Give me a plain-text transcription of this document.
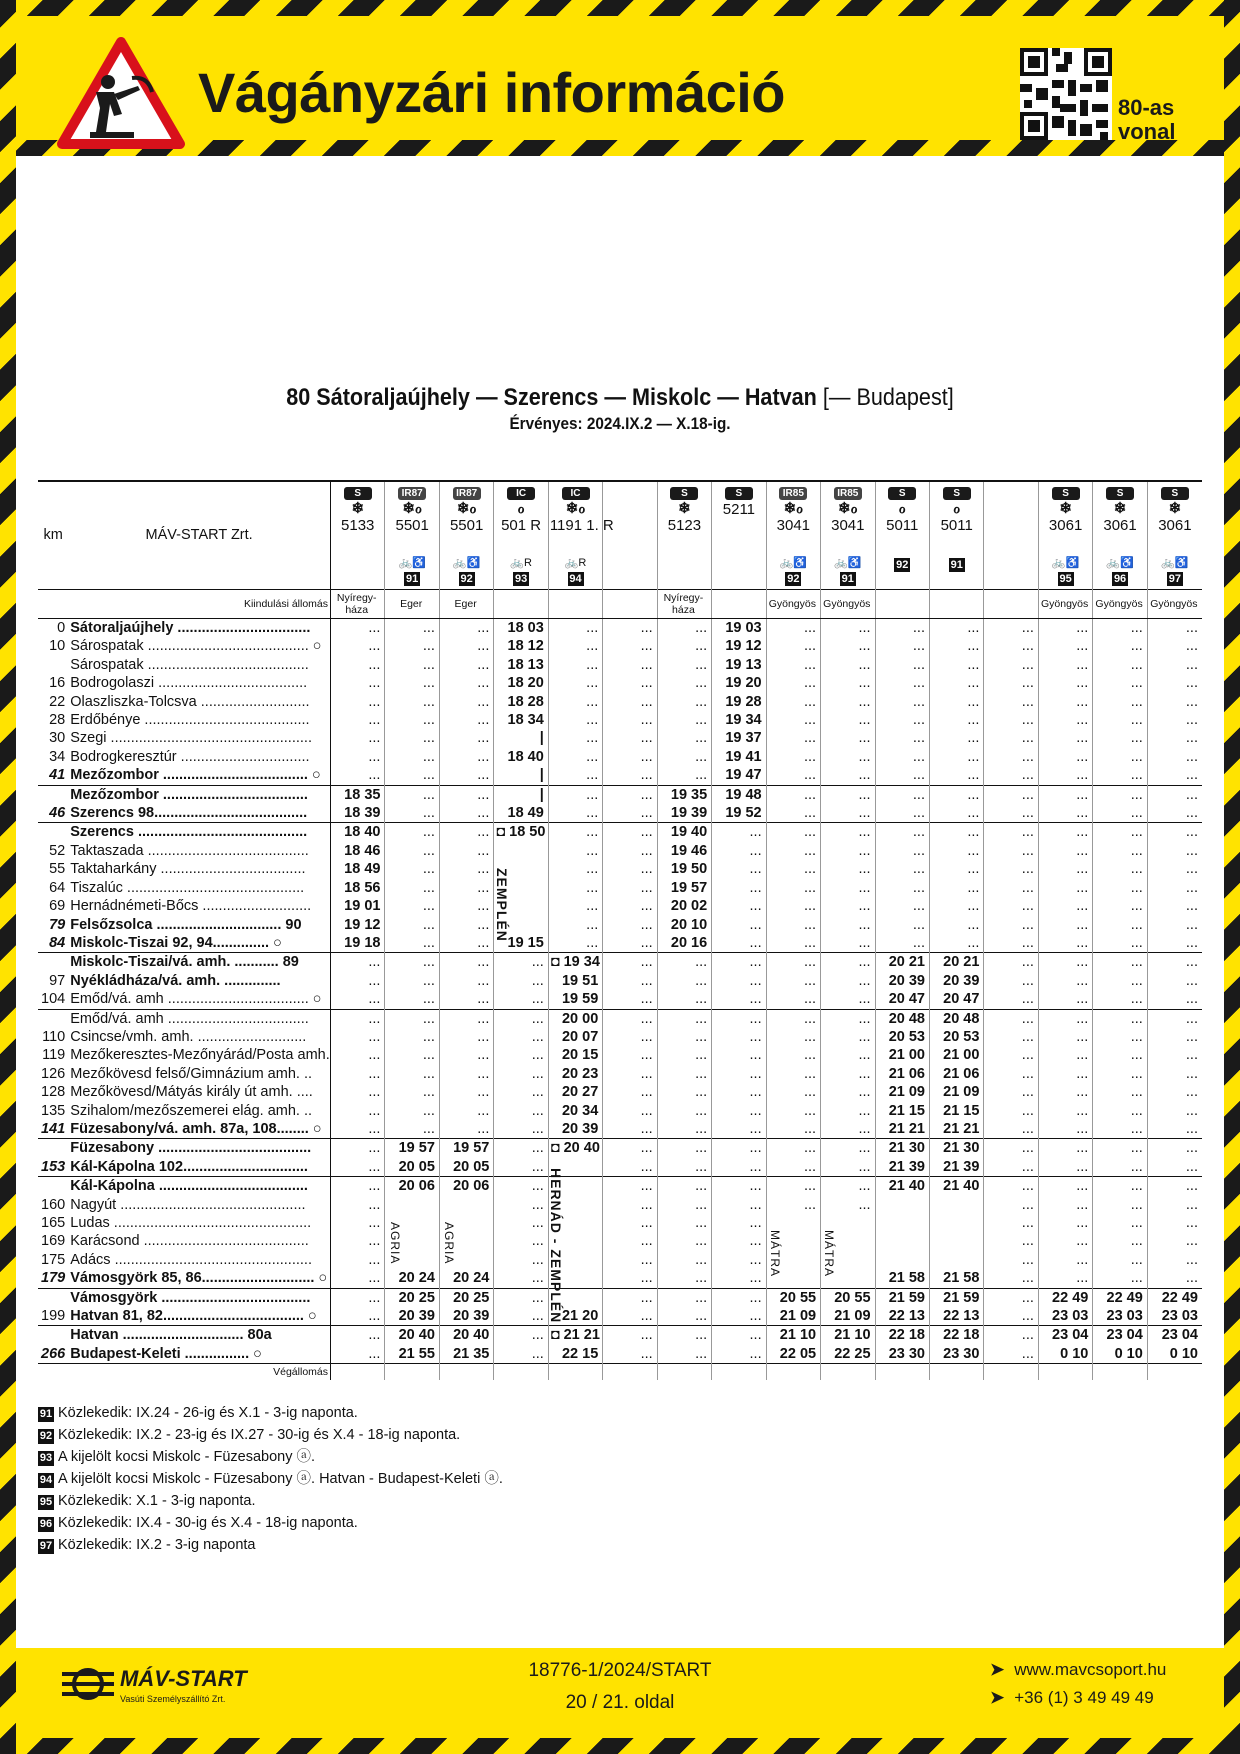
Vágányzári információ	80-as
vonal
80 Sátoraljaújhely — Szerencs — Miskolc — Hatvan [— Budapest]
Érvényes: 2024.IX.2 — X.18-ig.
km	MÁV-START Zrt.	S
❄
5133	IR87
❄ℴ
5501
🚲♿
91	IR87
❄ℴ
5501
🚲♿
92	IC
ℴ
501 R
🚲R
93	IC
❄ℴ
1191 1. R
🚲R
94		S
❄
5123	S
5211	IR85
❄ℴ
3041
🚲♿
92	IR85
❄ℴ
3041
🚲♿
91	S
ℴ
5011
92	S
ℴ
5011
91		S
❄
3061
🚲♿
95	S
❄
3061
🚲♿
96	S
❄
3061
🚲♿
97
	Kiindulási állomás	Nyíregy-háza	Eger	Eger				Nyíregy-háza		Gyöngyös	Gyöngyös				Gyöngyös	Gyöngyös	Gyöngyös
0	Sátoraljaújhely .................................	...	...	...	18 03	...	...	...	19 03	...	...	...	...	...	...	...	...
10	Sárospatak ........................................ ○	...	...	...	18 12	...	...	...	19 12	...	...	...	...	...	...	...	...
	Sárospatak ........................................	...	...	...	18 13	...	...	...	19 13	...	...	...	...	...	...	...	...
16	Bodrogolaszi .....................................	...	...	...	18 20	...	...	...	19 20	...	...	...	...	...	...	...	...
22	Olaszliszka-Tolcsva ...........................	...	...	...	18 28	...	...	...	19 28	...	...	...	...	...	...	...	...
28	Erdőbénye .........................................	...	...	...	18 34	...	...	...	19 34	...	...	...	...	...	...	...	...
30	Szegi ..................................................	...	...	...	|	...	...	...	19 37	...	...	...	...	...	...	...	...
34	Bodrogkeresztúr ................................	...	...	...	18 40	...	...	...	19 41	...	...	...	...	...	...	...	...
41	Mezőzombor .................................... ○	...	...	...	|	...	...	...	19 47	...	...	...	...	...	...	...	...
	Mezőzombor ....................................	18 35	...	...	|	...	...	19 35	19 48	...	...	...	...	...	...	...	...
46	Szerencs 98......................................	18 39	...	...	18 49	...	...	19 39	19 52	...	...	...	...	...	...	...	...
	Szerencs ..........................................	18 40	...	...	◘ 18 50	...	...	19 40	...	...	...	...	...	...	...	...	...
52	Taktaszada ........................................	18 46	...	...		...	...	19 46	...	...	...	...	...	...	...	...	...
55	Taktaharkány ....................................	18 49	...	...		...	...	19 50	...	...	...	...	...	...	...	...	...
64	Tiszalúc ............................................	18 56	...	...		...	...	19 57	...	...	...	...	...	...	...	...	...
69	Hernádnémeti-Bőcs ...........................	19 01	...	...		...	...	20 02	...	...	...	...	...	...	...	...	...
79	Felsőzsolca ............................... 90	19 12	...	...		...	...	20 10	...	...	...	...	...	...	...	...	...
84	Miskolc-Tiszai 92, 94.............. ○	19 18	...	...	19 15	...	...	20 16	...	...	...	...	...	...	...	...	...
	Miskolc-Tiszai/vá. amh. ........... 89	...	...	...	...	◘ 19 34	...	...	...	...	...	20 21	20 21	...	...	...	...
97	Nyékládháza/vá. amh. ..............	...	...	...	...	19 51	...	...	...	...	...	20 39	20 39	...	...	...	...
104	Emőd/vá. amh ................................... ○	...	...	...	...	19 59	...	...	...	...	...	20 47	20 47	...	...	...	...
	Emőd/vá. amh ...................................	...	...	...	...	20 00	...	...	...	...	...	20 48	20 48	...	...	...	...
110	Csincse/vmh. amh. ...........................	...	...	...	...	20 07	...	...	...	...	...	20 53	20 53	...	...	...	...
119	Mezőkeresztes-Mezőnyárád/Posta amh.	...	...	...	...	20 15	...	...	...	...	...	21 00	21 00	...	...	...	...
126	Mezőkövesd felső/Gimnázium amh. ..	...	...	...	...	20 23	...	...	...	...	...	21 06	21 06	...	...	...	...
128	Mezőkövesd/Mátyás király út amh. ....	...	...	...	...	20 27	...	...	...	...	...	21 09	21 09	...	...	...	...
135	Szihalom/mezőszemerei elág. amh. ..	...	...	...	...	20 34	...	...	...	...	...	21 15	21 15	...	...	...	...
141	Füzesabony/vá. amh. 87a, 108........ ○	...	...	...	...	20 39	...	...	...	...	...	21 21	21 21	...	...	...	...
	Füzesabony ......................................	...	19 57	19 57	...	◘ 20 40	...	...	...	...	...	21 30	21 30	...	...	...	...
153	Kál-Kápolna 102...............................	...	20 05	20 05	...		...	...	...	...	...	21 39	21 39	...	...	...	...
	Kál-Kápolna .....................................	...	20 06	20 06	...		...	...	...	...	...	21 40	21 40	...	...	...	...
160	Nagyút ..............................................	...			...		...	...	...	...	...			...	...	...	...
165	Ludas .................................................	...			...		...	...	...					...	...	...	...
169	Karácsond .........................................	...			...		...	...	...					...	...	...	...
175	Adács .................................................	...			...		...	...	...					...	...	...	...
179	Vámosgyörk 85, 86............................ ○	...	20 24	20 24	...		...	...	...			21 58	21 58	...	...	...	...
	Vámosgyörk .....................................	...	20 25	20 25	...		...	...	...	20 55	20 55	21 59	21 59	...	22 49	22 49	22 49
199	Hatvan 81, 82................................... ○	...	20 39	20 39	...	21 20	...	...	...	21 09	21 09	22 13	22 13	...	23 03	23 03	23 03
	Hatvan .............................. 80a	...	20 40	20 40	...	◘ 21 21	...	...	...	21 10	21 10	22 18	22 18	...	23 04	23 04	23 04
266	Budapest-Keleti ................ ○	...	21 55	21 35	...	22 15	...	...	...	22 05	22 25	23 30	23 30	...	0 10	0 10	0 10
	Végállomás																
ZEMPLÉN
HERNÁD - ZEMPLÉN
AGRIA	AGRIA	MÁTRA	MÁTRA
91 Közlekedik: IX.24 - 26-ig és X.1 - 3-ig naponta.
92 Közlekedik: IX.2 - 23-ig és IX.27 - 30-ig és X.4 - 18-ig naponta.
93 A kijelölt kocsi Miskolc - Füzesabony ⓐ.
94 A kijelölt kocsi Miskolc - Füzesabony ⓐ. Hatvan - Budapest-Keleti ⓐ.
95 Közlekedik: X.1 - 3-ig naponta.
96 Közlekedik: IX.4 - 30-ig és X.4 - 18-ig naponta.
97 Közlekedik: IX.2 - 3-ig naponta
MÁV-START
Vasúti Személyszállító Zrt.
18776-1/2024/START
20 / 21. oldal
➤ www.mavcsoport.hu
➤ +36 (1) 3 49 49 49
